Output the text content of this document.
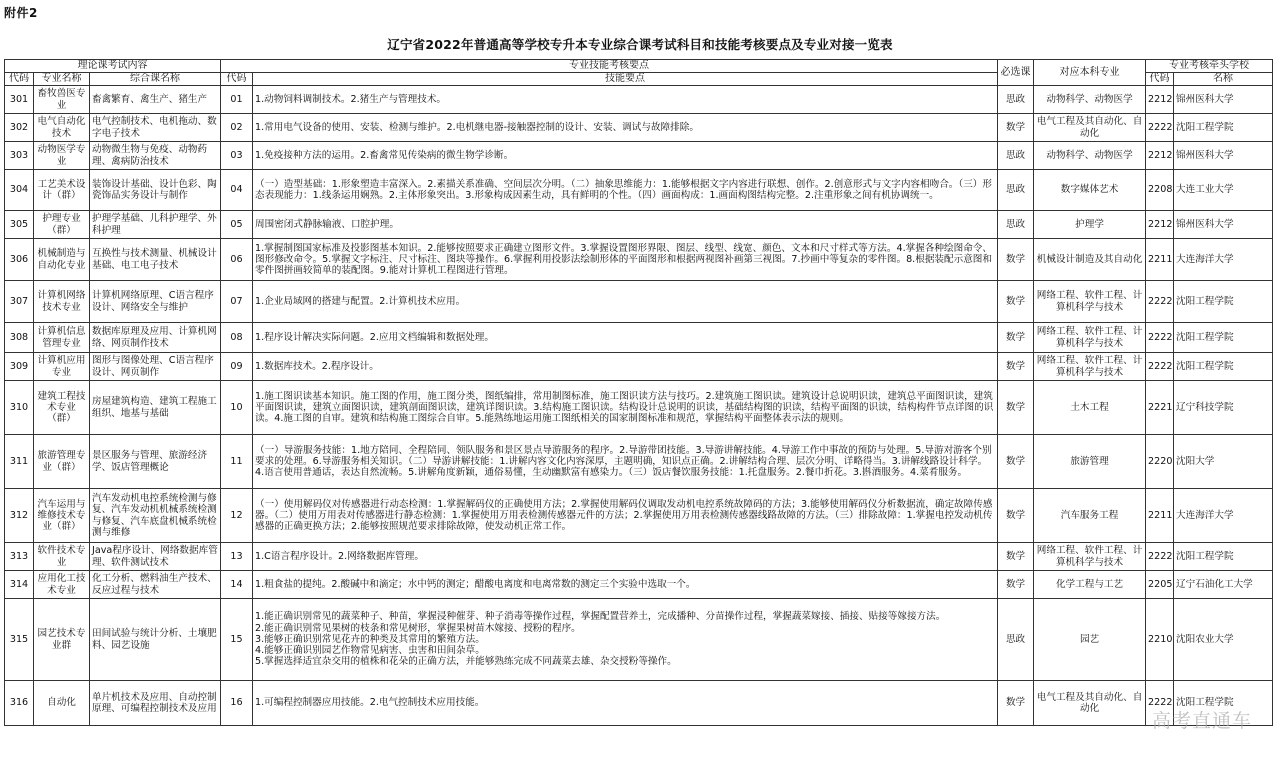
附件2
辽宁省2022年普通高等学校专升本专业综合课考试科目和技能考核要点及专业对接一览表
理论课考试内容			专业技能考核要点		必选课	对应本科专业	专业考核牵头学校	
代码	专业名称	综合课名称	代码	技能要点			代码	名称
301	畜牧兽医专业	畜禽繁育、禽生产、猪生产	01	1.动物饲料调制技术。2.猪生产与管理技术。	思政	动物科学、动物医学	2212	锦州医科大学
302	电气自动化技术	电气控制技术、电机拖动、数字电子技术	02	1.常用电气设备的使用、安装、检测与维护。2.电机继电器-接触器控制的设计、安装、调试与故障排除。	数学	电气工程及其自动化、自动化	2222	沈阳工程学院
303	动物医学专业	动物微生物与免疫、动物药理、禽病防治技术	03	1.免疫接种方法的运用。2.畜禽常见传染病的微生物学诊断。	思政	动物科学、动物医学	2212	锦州医科大学
304	工艺美术设计（群）	装饰设计基础、设计色彩、陶瓷饰品实务设计与制作	04	（一）造型基础：1.形象塑造丰富深入。2.素描关系准确、空间层次分明。（二）抽象思维能力：1.能够根据文字内容进行联想、创作。2.创意形式与文字内容相吻合。（三）形态表现能力：1.线条运用娴熟。2.主体形象突出。3.形象构成因素生动，具有鲜明的个性。（四）画面构成：1.画面构图结构完整。2.注重形象之间有机协调统一。	思政	数字媒体艺术	2208	大连工业大学
305	护理专业（群）	护理学基础、儿科护理学、外科护理	05	周围密闭式静脉输液、口腔护理。	思政	护理学	2212	锦州医科大学
306	机械制造与自动化专业	互换性与技术测量、机械设计基础、电工电子技术	06	1.掌握制图国家标准及投影图基本知识。2.能够按照要求正确建立图形文件。3.掌握设置图形界限、图层、线型、线宽、颜色、文本和尺寸样式等方法。4.掌握各种绘图命令、图形修改命令。5.掌握文字标注、尺寸标注、图块等操作。6.掌握利用投影法绘制形体的平面图形和根据两视图补画第三视图。7.抄画中等复杂的零件图。8.根据装配示意图和零件图拼画较简单的装配图。9.能对计算机工程图进行管理。	数学	机械设计制造及其自动化	2211	大连海洋大学
307	计算机网络技术专业	计算机网络原理、C语言程序设计、网络安全与维护	07	1.企业局域网的搭建与配置。2.计算机技术应用。	数学	网络工程、软件工程、计算机科学与技术	2222	沈阳工程学院
308	计算机信息管理专业	数据库原理及应用、计算机网络、网页制作技术	08	1.程序设计解决实际问题。2.应用文档编辑和数据处理。	数学	网络工程、软件工程、计算机科学与技术	2222	沈阳工程学院
309	计算机应用专业	图形与图像处理、C语言程序设计、网页制作	09	1.数据库技术。2.程序设计。	数学	网络工程、软件工程、计算机科学与技术	2222	沈阳工程学院
310	建筑工程技术专业（群）	房屋建筑构造、建筑工程施工组织、地基与基础	10	1.施工图识读基本知识。施工图的作用，施工图分类，图纸编排，常用制图标准，施工图识读方法与技巧。2.建筑施工图识读。建筑设计总说明识读，建筑总平面图识读，建筑平面图识读，建筑立面图识读，建筑剖面图识读，建筑详图识读。3.结构施工图识读。结构设计总说明的识读，基础结构图的识读，结构平面图的识读，结构构件节点详图的识读。4.施工图的自审。建筑和结构施工图综合自审。5.能熟练地运用施工图纸相关的国家制图标准和规范，掌握结构平面整体表示法的规则。	数学	土木工程	2221	辽宁科技学院
311	旅游管理专业（群）	景区服务与管理、旅游经济学、饭店管理概论	11	（一）导游服务技能：1.地方陪同、全程陪同、领队服务和景区景点导游服务的程序。2.导游带团技能。3.导游讲解技能。4.导游工作中事故的预防与处理。5.导游对游客个别要求的处理。6.导游服务相关知识。（二）导游讲解技能：1.讲解内容文化内容深厚，主题明确，知识点正确。2.讲解结构合理、层次分明、详略得当。3.讲解线路设计科学。4.语言使用普通话，表达自然流畅。5.讲解角度新颖，通俗易懂，生动幽默富有感染力。（三）饭店餐饮服务技能：1.托盘服务。2.餐巾折花。3.斟酒服务。4.菜肴服务。	数学	旅游管理	2220	沈阳大学
312	汽车运用与维修技术专业（群）	汽车发动机电控系统检测与修复、汽车发动机机械系统检测与修复、汽车底盘机械系统检测与维修	12	（一）使用解码仪对传感器进行动态检测：1.掌握解码仪的正确使用方法；2.掌握使用解码仪调取发动机电控系统故障码的方法；3.能够使用解码仪分析数据流，确定故障传感器。（二）使用万用表对传感器进行静态检测：1.掌握使用万用表检测传感器元件的方法；2.掌握使用万用表检测传感器线路故障的方法。（三）排除故障：1.掌握电控发动机传感器的正确更换方法；2.能够按照规范要求排除故障，使发动机正常工作。	数学	汽车服务工程	2211	大连海洋大学
313	软件技术专业	Java程序设计、网络数据库管理、软件测试技术	13	1.C语言程序设计。2.网络数据库管理。	数学	网络工程、软件工程、计算机科学与技术	2222	沈阳工程学院
314	应用化工技术专业	化工分析、燃料油生产技术、反应过程与技术	14	1.粗食盐的提纯。2.酸碱中和滴定；水中钙的测定；醋酸电离度和电离常数的测定三个实验中选取一个。	数学	化学工程与工艺	2205	辽宁石油化工大学
315	园艺技术专业群	田间试验与统计分析、土壤肥料、园艺设施	15	1.能正确识别常见的蔬菜种子、种苗，掌握浸种催芽、种子消毒等操作过程，掌握配置营养土，完成播种、分苗操作过程，掌握蔬菜嫁接、插接、贴接等嫁接方法。
2.能正确识别常见果树的枝条和常见树形，掌握果树苗木嫁接、授粉的程序。
3.能够正确识别常见花卉的种类及其常用的繁殖方法。
4.能够正确识别园艺作物常见病害、虫害和田间杂草。
5.掌握选择适宜杂交用的植株和花朵的正确方法，并能够熟练完成不同蔬菜去雄、杂交授粉等操作。	思政	园艺	2210	沈阳农业大学
316	自动化	单片机技术及应用、自动控制原理、可编程控制技术及应用	16	1.可编程控制器应用技能。2.电气控制技术应用技能。	数学	电气工程及其自动化、自动化	2222	沈阳工程学院
高考直通车
